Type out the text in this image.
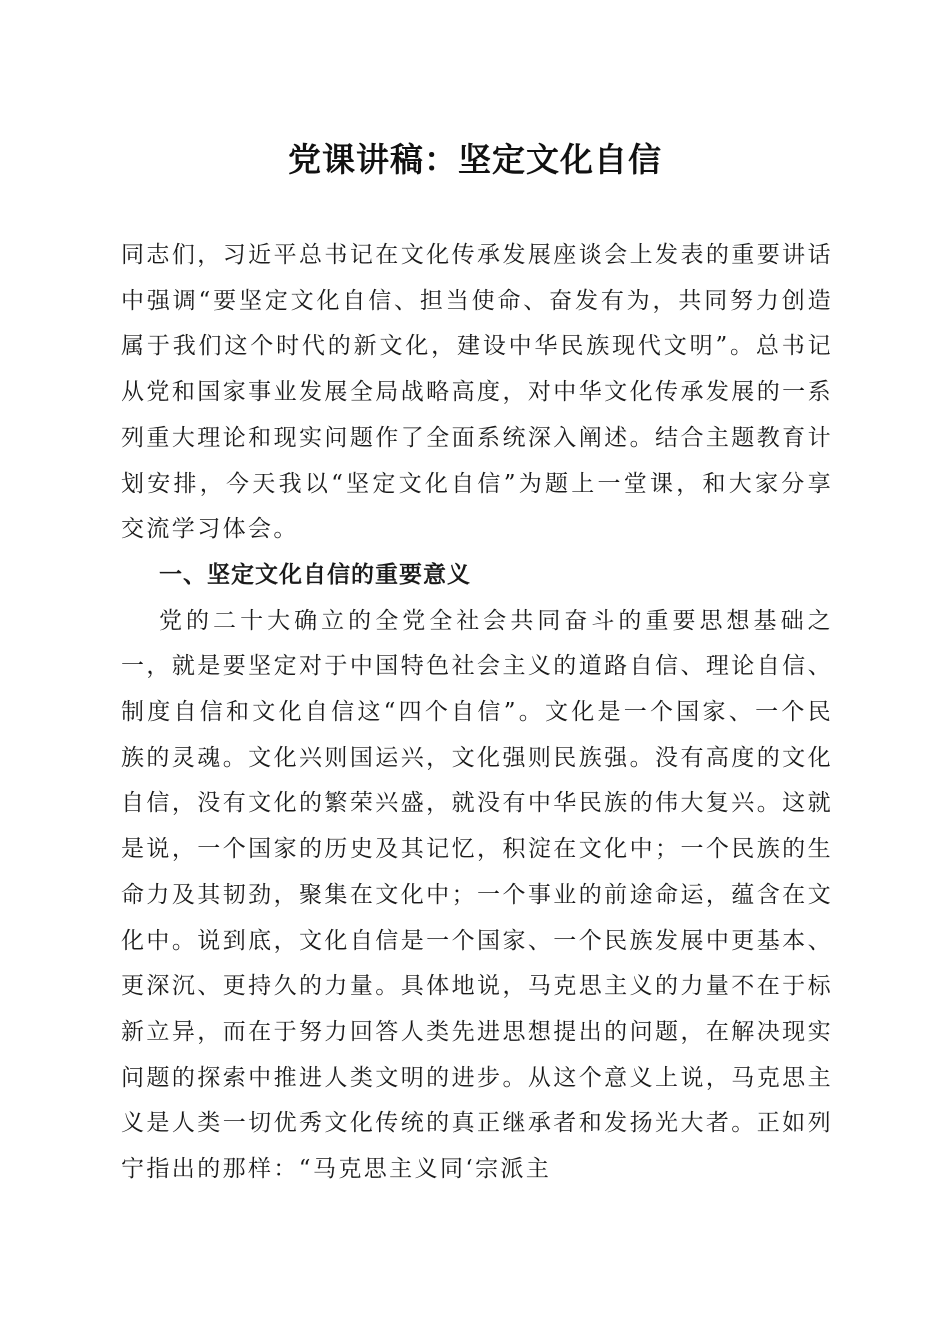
党课讲稿：坚定文化自信

同志们，习近平总书记在文化传承发展座谈会上发表的重要讲话中强调“要坚定文化自信、担当使命、奋发有为，共同努力创造属于我们这个时代的新文化，建设中华民族现代文明”。总书记从党和国家事业发展全局战略高度，对中华文化传承发展的一系列重大理论和现实问题作了全面系统深入阐述。结合主题教育计划安排，今天我以“坚定文化自信”为题上一堂课，和大家分享交流学习体会。

一、坚定文化自信的重要意义

党的二十大确立的全党全社会共同奋斗的重要思想基础之一，就是要坚定对于中国特色社会主义的道路自信、理论自信、制度自信和文化自信这“四个自信”。文化是一个国家、一个民族的灵魂。文化兴则国运兴，文化强则民族强。没有高度的文化自信，没有文化的繁荣兴盛，就没有中华民族的伟大复兴。这就是说，一个国家的历史及其记忆，积淀在文化中；一个民族的生命力及其韧劲，聚集在文化中；一个事业的前途命运，蕴含在文化中。说到底，文化自信是一个国家、一个民族发展中更基本、更深沉、更持久的力量。具体地说，马克思主义的力量不在于标新立异，而在于努力回答人类先进思想提出的问题，在解决现实问题的探索中推进人类文明的进步。从这个意义上说，马克思主义是人类一切优秀文化传统的真正继承者和发扬光大者。正如列宁指出的那样：“马克思主义同‘宗派主
